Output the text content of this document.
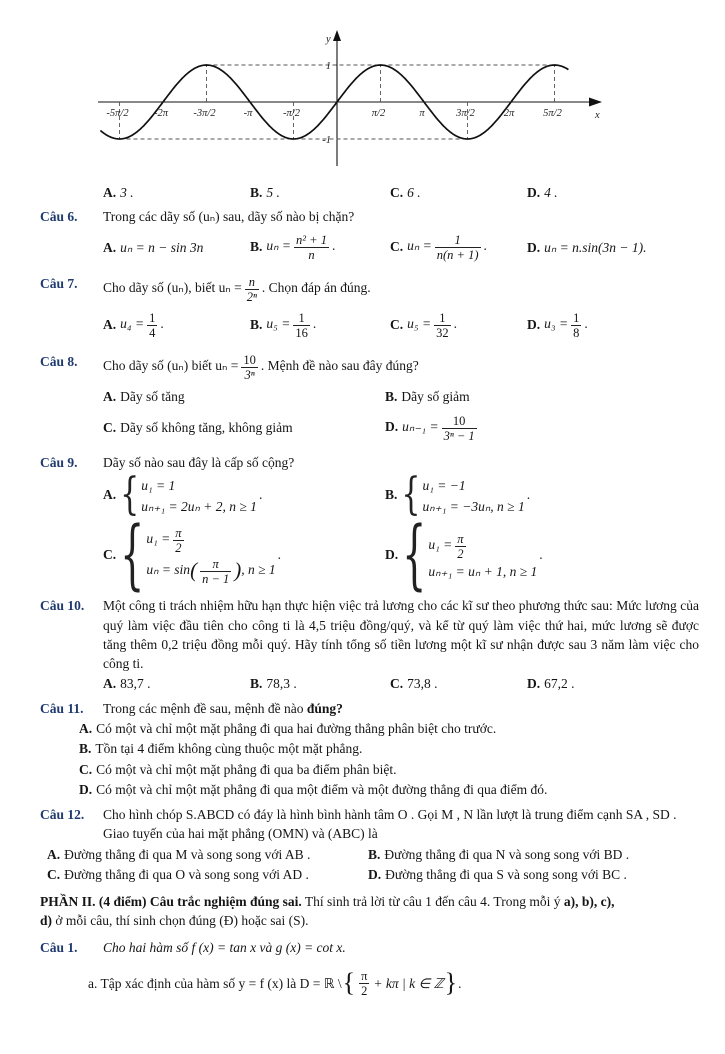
y
x
1
-1
-5π/2 -2π -3π/2	-π	-π/2	π/2	π	3π/2	2π	5π/2
A. 3 .	B. 5 .	C. 6 .	D. 4 .
Câu 6.	Trong các dãy số (uₙ) sau, dãy số nào bị chặn?
A. uₙ = n − sin 3n	B. $u_n = \frac{\text{n² + 1}}{n}$ .	C. $u_n = \frac{1}{n(n + 1)}$ .	D. uₙ = n.sin(3n − 1).
Câu 7.	Cho dãy số (uₙ), biết $u_n = \frac{n}{\text{2ⁿ}}$ . Chọn đáp án đúng.
A. $u_4 = \frac{1}{4}$ .	B. $u_5 = \frac{1}{16}$ .	C. $u_5 = \frac{1}{32}$ .	D. $u_3 = \frac{1}{8}$ .
Câu 8.	Cho dãy số (uₙ) biết $u_n = \frac{10}{\text{3ⁿ}}$ . Mệnh đề nào sau đây đúng?
A. Dãy số tăng	B. Dãy số giảm
C. Dãy số không tăng, không giảm	D. $u_{n-1} = \frac{10}{\text{3ⁿ − 1}}$
Câu 9.	Dãy số nào sau đây là cấp số cộng?
A. { u₁ = 1
uₙ₊₁ = 2uₙ + 2, n ≥ 1
.	B. { u₁ = −1
uₙ₊₁ = −3uₙ, n ≥ 1
.
C. { $u_1 = \frac{\pi}{2}$
$u_n = \sin( \frac{\pi}{n - 1}$ ), n ≥ 1
.	D. { $u_1 = \frac{\pi}{2}$
uₙ₊₁ = uₙ + 1, n ≥ 1
.
Câu 10.	Một công ti trách nhiệm hữu hạn thực hiện việc trả lương cho các kĩ sư theo phương thức sau: Mức lương của quý làm việc đầu tiên cho công ti là 4,5 triệu đồng/quý, và kể từ quý làm việc thứ hai, mức lương sẽ được tăng thêm 0,2 triệu đồng mỗi quý. Hãy tính tổng số tiền lương một kĩ sư nhận được sau 3 năm làm việc cho công ti.
A. 83,7 .	B. 78,3 .	C. 73,8 .	D. 67,2 .
Câu 11.	Trong các mệnh đề sau, mệnh đề nào đúng?
A. Có một và chỉ một mặt phẳng đi qua hai đường thẳng phân biệt cho trước.
B. Tồn tại 4 điểm không cùng thuộc một mặt phẳng.
C. Có một và chỉ một mặt phẳng đi qua ba điểm phân biệt.
D. Có một và chỉ một mặt phẳng đi qua một điểm và một đường thẳng đi qua điểm đó.
Câu 12.	Cho hình chóp S.ABCD có đáy là hình bình hành tâm O . Gọi M , N lần lượt là trung điểm cạnh SA , SD . Giao tuyến của hai mặt phẳng (OMN) và (ABC) là
A. Đường thẳng đi qua M và song song với AB .	B. Đường thẳng đi qua N và song song với BD .
C. Đường thẳng đi qua O và song song với AD .	D. Đường thẳng đi qua S và song song với BC .
PHẦN II. (4 điểm) Câu trắc nghiệm đúng sai. Thí sinh trả lời từ câu 1 đến câu 4. Trong mỗi ý a), b), c),
d) ở mỗi câu, thí sinh chọn đúng (Đ) hoặc sai (S).
Câu 1.	Cho hai hàm số f (x) = tan x và g (x) = cot x.
a. Tập xác định của hàm số y = f (x) là D = ℝ \ { $\frac{\pi}{2} + k\pi$ | k ∈ ℤ } .
